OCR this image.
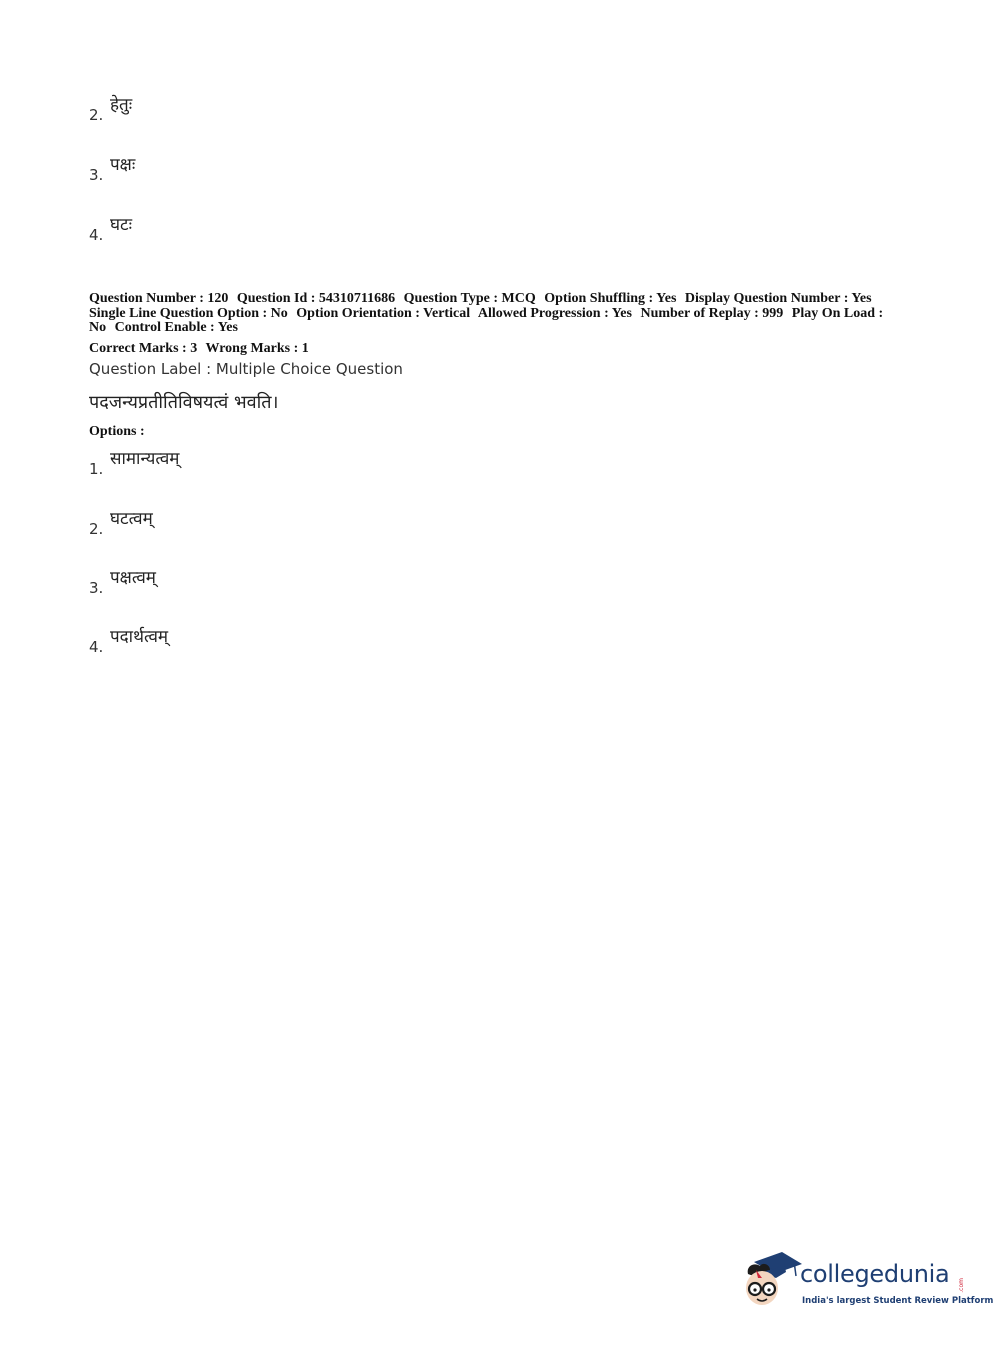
2. हेतुः
3. पक्षः
4. घटः
Question Number : 120 Question Id : 54310711686 Question Type : MCQ Option Shuffling : Yes Display Question Number : Yes
Single Line Question Option : No Option Orientation : Vertical Allowed Progression : Yes Number of Replay : 999 Play On Load :
No Control Enable : Yes
Correct Marks : 3 Wrong Marks : 1
Question Label : Multiple Choice Question
पदजन्यप्रतीतिविषयत्वं भवति।
Options :
1. सामान्यत्वम्
2. घटत्वम्
3. पक्षत्वम्
4. पदार्थत्वम्
collegedunia .com
India's largest Student Review Platform
